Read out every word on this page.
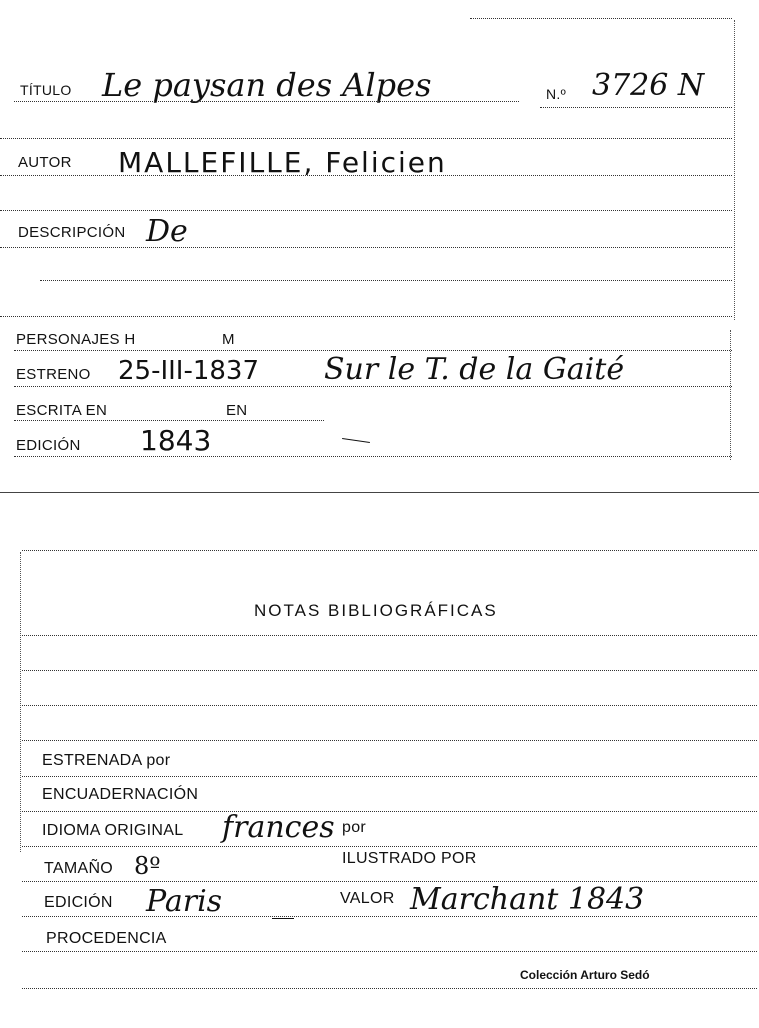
TÍTULO Le paysan des Alpes	N.º 3726 N
AUTOR MALLEFILLE, Felicien
DESCRIPCIÓN De
PERSONAJES H	M
ESTRENO 25-III-1837 Sur le T. de la Gaité
ESCRITA EN	EN
EDICIÓN 1843
NOTAS BIBLIOGRÁFICAS
ESTRENADA por
ENCUADERNACIÓN
IDIOMA ORIGINAL frances por
TAMAÑO 8º	ILUSTRADO POR
EDICIÓN Paris	VALOR Marchant 1843
PROCEDENCIA
Colección Arturo Sedó
